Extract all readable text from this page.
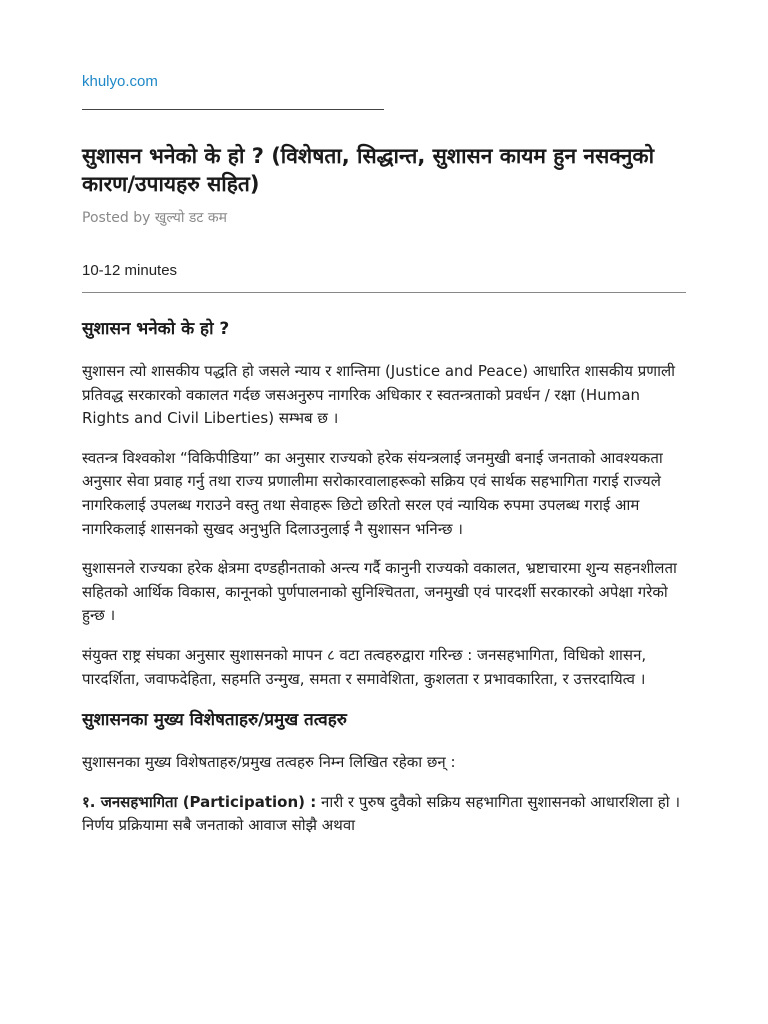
khulyo.com
सुशासन भनेको के हो ? (विशेषता, सिद्धान्त, सुशासन कायम हुन नसक्नुको कारण/उपायहरु सहित)
Posted by खुल्यो डट कम
10-12 minutes
सुशासन भनेको के हो ?

सुशासन त्यो शासकीय पद्धति हो जसले न्याय र शान्तिमा (Justice and Peace) आधारित शासकीय प्रणाली प्रतिवद्ध सरकारको वकालत गर्दछ जसअनुरुप नागरिक अधिकार र स्वतन्त्रताको प्रवर्धन / रक्षा (Human Rights and Civil Liberties) सम्भब छ ।

स्वतन्त्र विश्वकोश “विकिपीडिया” का अनुसार राज्यको हरेक संयन्त्रलाई जनमुखी बनाई जनताको आवश्यकता अनुसार सेवा प्रवाह गर्नु तथा राज्य प्रणालीमा सरोकारवालाहरूको सक्रिय एवं सार्थक सहभागिता गराई राज्यले नागरिकलाई उपलब्ध गराउने वस्तु तथा सेवाहरू छिटो छरितो सरल एवं न्यायिक रुपमा उपलब्ध गराई आम नागरिकलाई शासनको सुखद अनुभुति दिलाउनुलाई नै सुशासन भनिन्छ ।

सुशासनले राज्यका हरेक क्षेत्रमा दण्डहीनताको अन्त्य गर्दै कानुनी राज्यको वकालत, भ्रष्टाचारमा शुन्य सहनशीलता सहितको आर्थिक विकास, कानूनको पुर्णपालनाको सुनिश्चितता, जनमुखी एवं पारदर्शी सरकारको अपेक्षा गरेको हुन्छ ।

संयुक्त राष्ट्र संघका अनुसार सुशासनको मापन ८ वटा तत्वहरुद्वारा गरिन्छ : जनसहभागिता, विधिको शासन, पारदर्शिता, जवाफदेहिता, सहमति उन्मुख, समता र समावेशिता, कुशलता र प्रभावकारिता, र उत्तरदायित्व ।

सुशासनका मुख्य विशेषताहरु/प्रमुख तत्वहरु

सुशासनका मुख्य विशेषताहरु/प्रमुख तत्वहरु निम्न लिखित रहेका छन् :

१. जनसहभागिता (Participation) : नारी र पुरुष दुवैको सक्रिय सहभागिता सुशासनको आधारशिला हो । निर्णय प्रक्रियामा सबै जनताको आवाज सोझै अथवा
